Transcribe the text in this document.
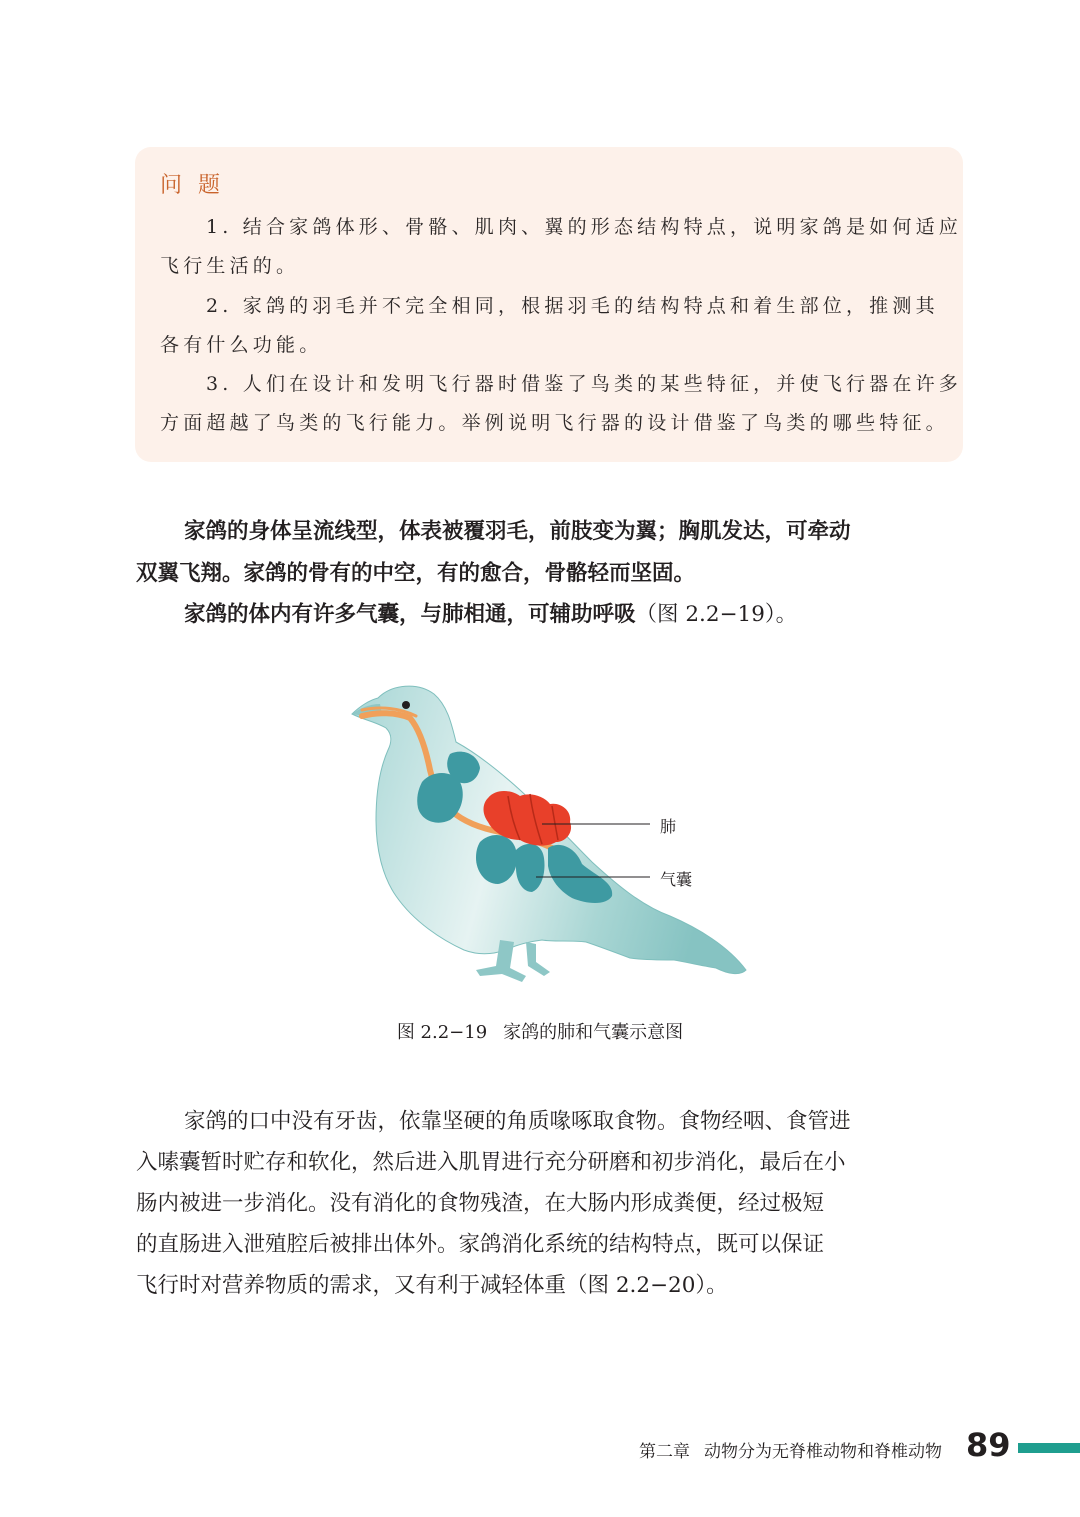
问题
1. 结合家鸽体形、骨骼、肌肉、翼的形态结构特点，说明家鸽是如何适应
飞行生活的。
2. 家鸽的羽毛并不完全相同，根据羽毛的结构特点和着生部位，推测其
各有什么功能。
3. 人们在设计和发明飞行器时借鉴了鸟类的某些特征，并使飞行器在许多
方面超越了鸟类的飞行能力。举例说明飞行器的设计借鉴了鸟类的哪些特征。
家鸽的身体呈流线型，体表被覆羽毛，前肢变为翼；胸肌发达，可牵动
双翼飞翔。家鸽的骨有的中空，有的愈合，骨骼轻而坚固。
家鸽的体内有许多气囊，与肺相通，可辅助呼吸（图 2.2−19）。
肺
气囊
图 2.2−19 家鸽的肺和气囊示意图
家鸽的口中没有牙齿，依靠坚硬的角质喙啄取食物。食物经咽、食管进
入嗉囊暂时贮存和软化，然后进入肌胃进行充分研磨和初步消化，最后在小
肠内被进一步消化。没有消化的食物残渣，在大肠内形成粪便，经过极短
的直肠进入泄殖腔后被排出体外。家鸽消化系统的结构特点，既可以保证
飞行时对营养物质的需求，又有利于减轻体重（图 2.2−20）。
第二章 动物分为无脊椎动物和脊椎动物 89
